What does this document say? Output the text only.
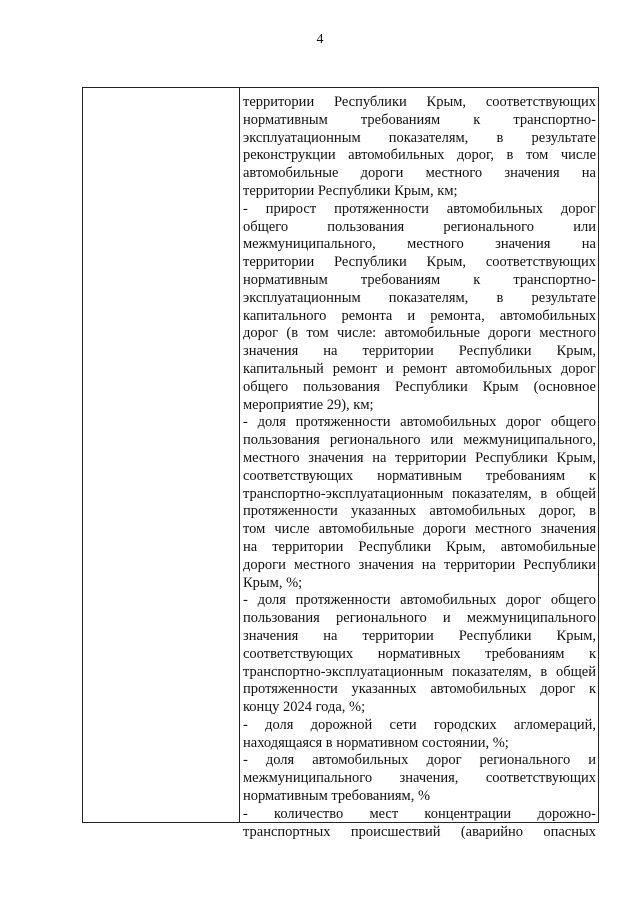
4
территории Республики Крым, соответствующих
нормативным требованиям к транспортно-
эксплуатационным показателям, в результате
реконструкции автомобильных дорог, в том числе
автомобильные дороги местного значения на
территории Республики Крым, км;
- прирост протяженности автомобильных дорог
общего пользования регионального или
межмуниципального, местного значения на
территории Республики Крым, соответствующих
нормативным требованиям к транспортно-
эксплуатационным показателям, в результате
капитального ремонта и ремонта, автомобильных
дорог (в том числе: автомобильные дороги местного
значения на территории Республики Крым,
капитальный ремонт и ремонт автомобильных дорог
общего пользования Республики Крым (основное
мероприятие 29), км;
- доля протяженности автомобильных дорог общего
пользования регионального или межмуниципального,
местного значения на территории Республики Крым,
соответствующих нормативным требованиям к
транспортно-эксплуатационным показателям, в общей
протяженности указанных автомобильных дорог, в
том числе автомобильные дороги местного значения
на территории Республики Крым, автомобильные
дороги местного значения на территории Республики
Крым, %;
- доля протяженности автомобильных дорог общего
пользования регионального и межмуниципального
значения на территории Республики Крым,
соответствующих нормативных требованиям к
транспортно-эксплуатационным показателям, в общей
протяженности указанных автомобильных дорог к
концу 2024 года, %;
- доля дорожной сети городских агломераций,
находящаяся в нормативном состоянии, %;
- доля автомобильных дорог регионального и
межмуниципального значения, соответствующих
нормативным требованиям, %
- количество мест концентрации дорожно-
транспортных происшествий (аварийно опасных
